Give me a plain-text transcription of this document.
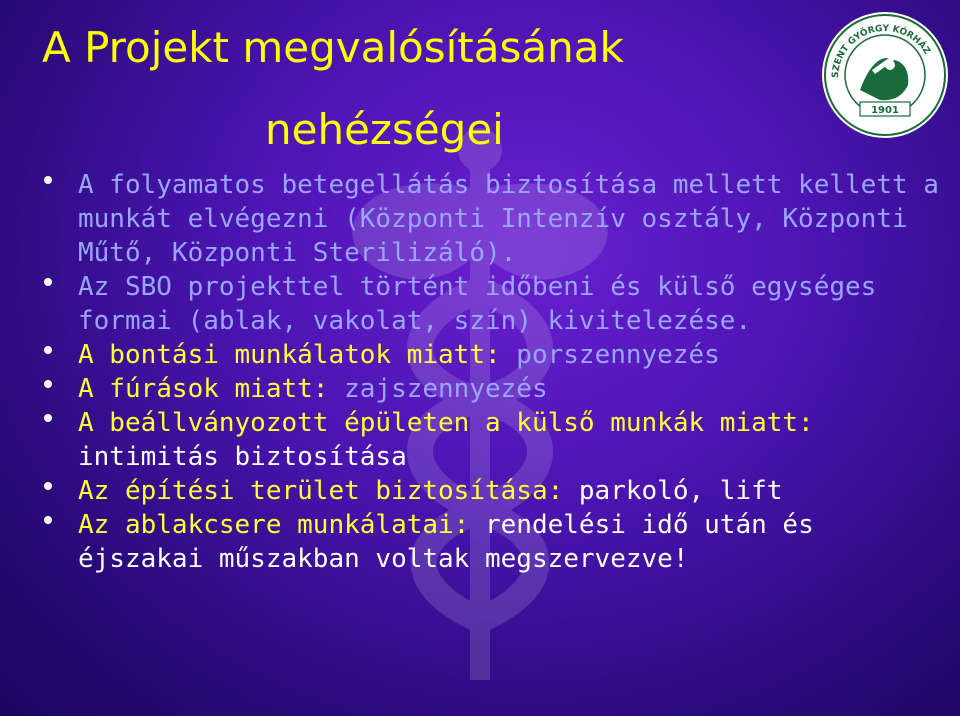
A Projekt megvalósításának
nehézségei
SZENT GYÖRGY KÓRHÁZ
1901
A folyamatos betegellátás biztosítása mellett kellett a munkát elvégezni (Központi Intenzív osztály, Központi Műtő, Központi Sterilizáló).
Az SBO projekttel történt időbeni és külső egységes formai (ablak, vakolat, szín) kivitelezése.
A bontási munkálatok miatt: porszennyezés
A fúrások miatt: zajszennyezés
A beállványozott épületen a külső munkák miatt: intimitás biztosítása
Az építési terület biztosítása: parkoló, lift
Az ablakcsere munkálatai: rendelési idő után és éjszakai műszakban voltak megszervezve!
